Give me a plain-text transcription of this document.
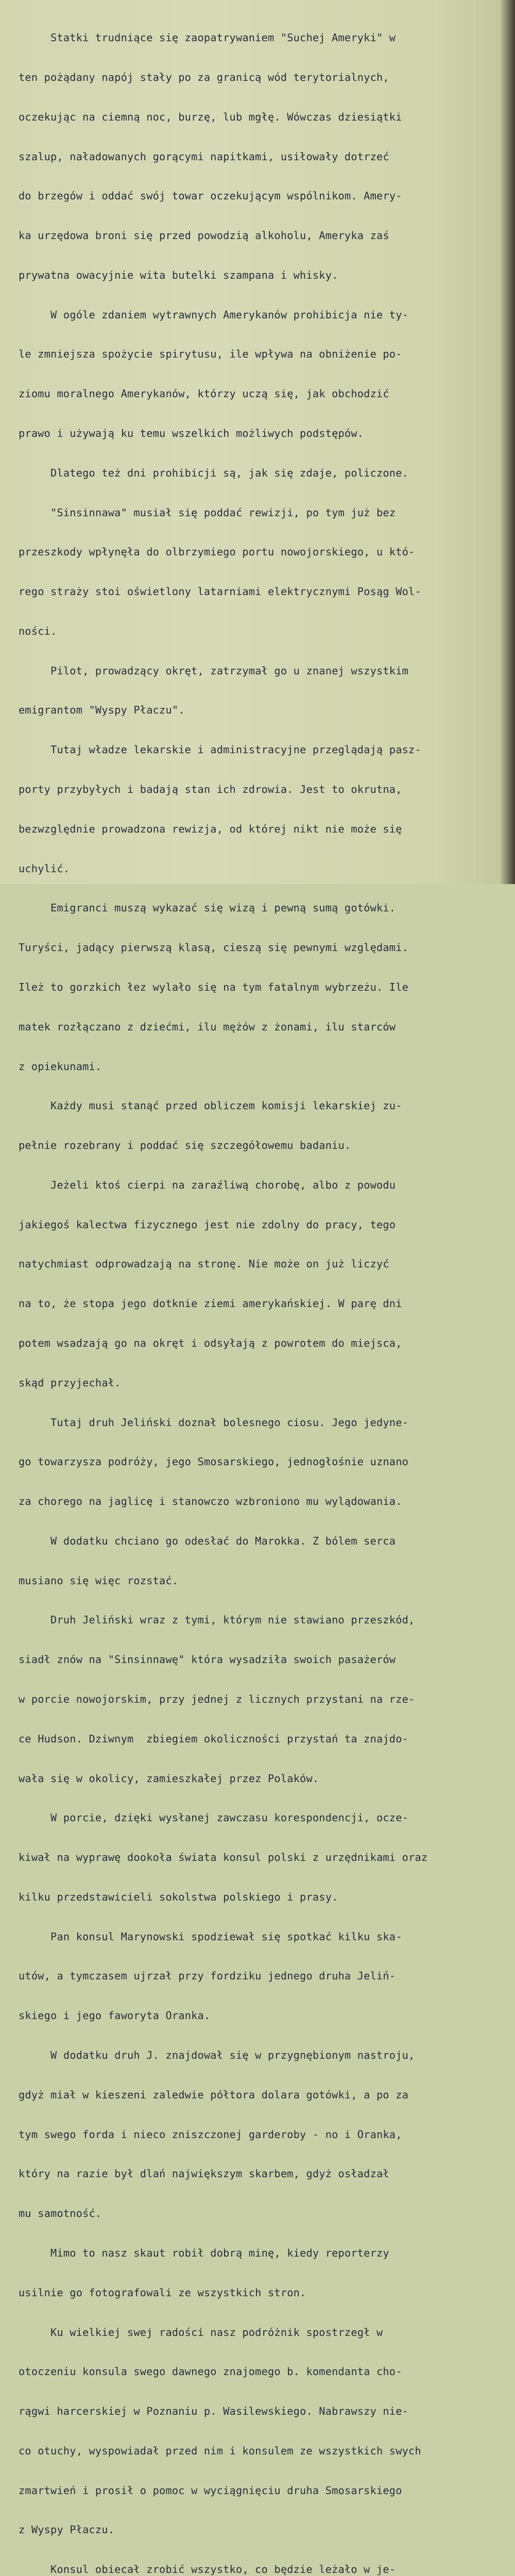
Statki trudniące się zaopatrywaniem "Suchej Ameryki" w

ten pożądany napój stały po za granicą wód terytorialnych,

oczekując na ciemną noc, burzę, lub mgłę. Wówczas dziesiątki

szalup, naładowanych gorącymi napitkami, usiłowały dotrzeć

do brzegów i oddać swój towar oczekującym wspólnikom. Amery-

ka urzędowa broni się przed powodzią alkoholu, Ameryka zaś

prywatna owacyjnie wita butelki szampana i whisky.

W ogóle zdaniem wytrawnych Amerykanów prohibicja nie ty-

le zmniejsza spożycie spirytusu, ile wpływa na obniżenie po-

ziomu moralnego Amerykanów, którzy uczą się, jak obchodzić

prawo i używają ku temu wszelkich możliwych podstępów.

Dlatego też dni prohibicji są, jak się zdaje, policzone.

"Sinsinnawa" musiał się poddać rewizji, po tym już bez

przeszkody wpłynęła do olbrzymiego portu nowojorskiego, u któ-

rego straży stoi oświetlony latarniami elektrycznymi Posąg Wol-

ności.

Pilot, prowadzący okręt, zatrzymał go u znanej wszystkim

emigrantom "Wyspy Płaczu".

Tutaj władze lekarskie i administracyjne przeglądają pasz-

porty przybyłych i badają stan ich zdrowia. Jest to okrutna,

bezwzględnie prowadzona rewizja, od której nikt nie może się

uchylić.

Emigranci muszą wykazać się wizą i pewną sumą gotówki.

Turyści, jadący pierwszą klasą, cieszą się pewnymi względami.

Ileż to gorzkich łez wylało się na tym fatalnym wybrzeżu. Ile

matek rozłączano z dziećmi, ilu mężów z żonami, ilu starców

z opiekunami.

Każdy musi stanąć przed obliczem komisji lekarskiej zu-

pełnie rozebrany i poddać się szczegółowemu badaniu.

Jeżeli ktoś cierpi na zaraźliwą chorobę, albo z powodu

jakiegoś kalectwa fizycznego jest nie zdolny do pracy, tego

natychmiast odprowadzają na stronę. Nie może on już liczyć

na to, że stopa jego dotknie ziemi amerykańskiej. W parę dni

potem wsadzają go na okręt i odsyłają z powrotem do miejsca,

skąd przyjechał.

Tutaj druh Jeliński doznał bolesnego ciosu. Jego jedyne-

go towarzysza podróży, jego Smosarskiego, jednogłośnie uznano

za chorego na jaglicę i stanowczo wzbroniono mu wylądowania.

W dodatku chciano go odesłać do Marokka. Z bólem serca

musiano się więc rozstać.

Druh Jeliński wraz z tymi, którym nie stawiano przeszkód,

siadł znów na "Sinsinnawę" która wysadziła swoich pasażerów

w porcie nowojorskim, przy jednej z licznych przystani na rze-

ce Hudson. Dziwnym  zbiegiem okoliczności przystań ta znajdo-

wała się w okolicy, zamieszkałej przez Polaków.

W porcie, dzięki wysłanej zawczasu korespondencji, ocze-

kiwał na wyprawę dookoła świata konsul polski z urzędnikami oraz

kilku przedstawicieli sokolstwa polskiego i prasy.

Pan konsul Marynowski spodziewał się spotkać kilku ska-

utów, a tymczasem ujrzał przy fordziku jednego druha Jeliń-

skiego i jego faworyta Oranka.

W dodatku druh J. znajdował się w przygnębionym nastroju,

gdyż miał w kieszeni zaledwie półtora dolara gotówki, a po za

tym swego forda i nieco zniszczonej garderoby - no i Oranka,

który na razie był dlań największym skarbem, gdyż osładzał

mu samotność.

Mimo to nasz skaut robił dobrą minę, kiedy reporterzy

usilnie go fotografowali ze wszystkich stron.

Ku wielkiej swej radości nasz podróżnik spostrzegł w

otoczeniu konsula swego dawnego znajomego b. komendanta cho-

rągwi harcerskiej w Poznaniu p. Wasilewskiego. Nabrawszy nie-

co otuchy, wyspowiadał przed nim i konsulem ze wszystkich swych

zmartwień i prosił o pomoc w wyciągnięciu druha Smosarskiego

z Wyspy Płaczu.

Konsul obiecał zrobić wszystko, co będzie leżało w je-
